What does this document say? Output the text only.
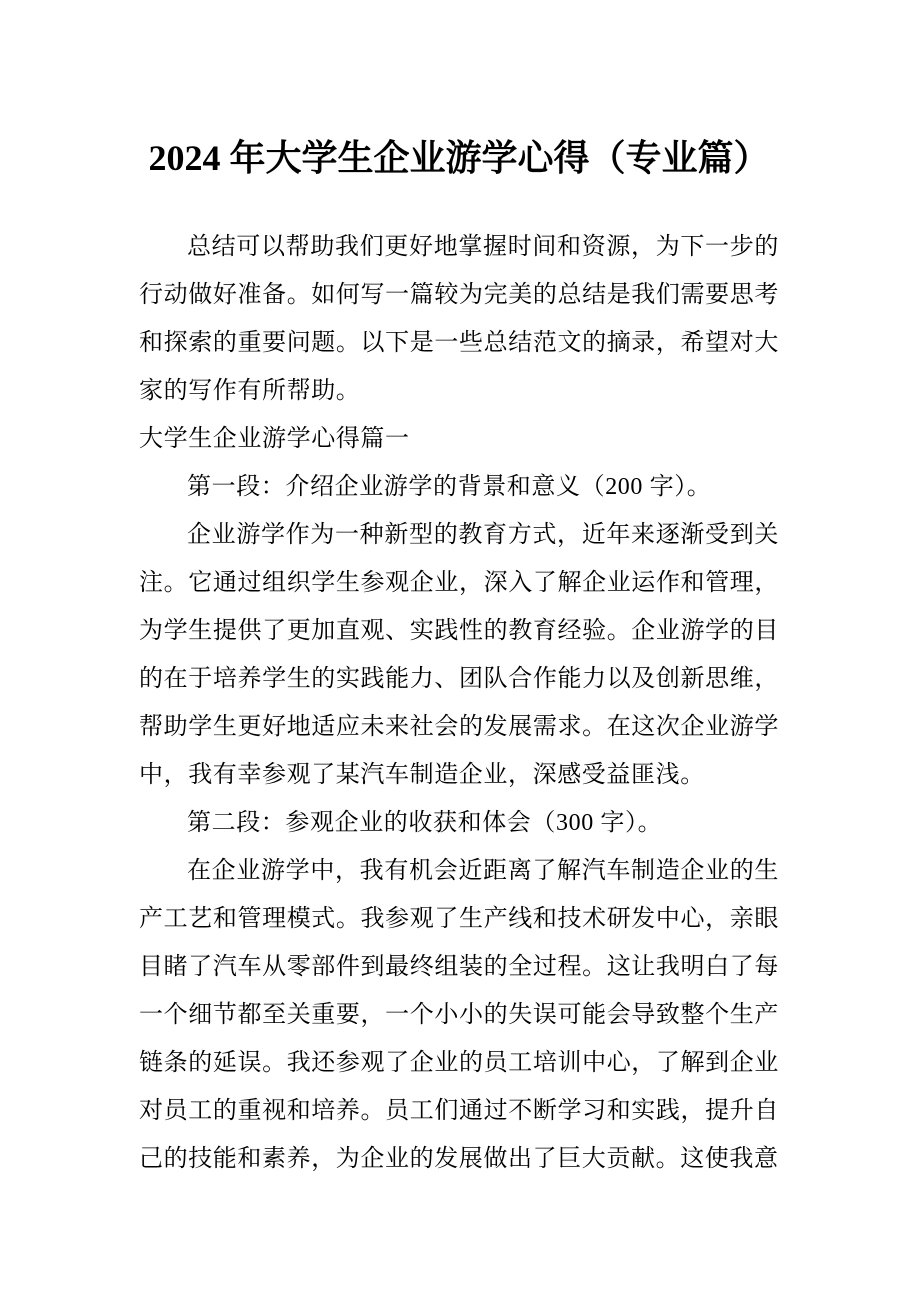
2024 年大学生企业游学心得（专业篇）

总结可以帮助我们更好地掌握时间和资源，为下一步的行动做好准备。如何写一篇较为完美的总结是我们需要思考和探索的重要问题。以下是一些总结范文的摘录，希望对大家的写作有所帮助。

大学生企业游学心得篇一

第一段：介绍企业游学的背景和意义（200 字）。

企业游学作为一种新型的教育方式，近年来逐渐受到关注。它通过组织学生参观企业，深入了解企业运作和管理，为学生提供了更加直观、实践性的教育经验。企业游学的目的在于培养学生的实践能力、团队合作能力以及创新思维，帮助学生更好地适应未来社会的发展需求。在这次企业游学中，我有幸参观了某汽车制造企业，深感受益匪浅。

第二段：参观企业的收获和体会（300 字）。

在企业游学中，我有机会近距离了解汽车制造企业的生产工艺和管理模式。我参观了生产线和技术研发中心，亲眼目睹了汽车从零部件到最终组装的全过程。这让我明白了每一个细节都至关重要，一个小小的失误可能会导致整个生产链条的延误。我还参观了企业的员工培训中心，了解到企业对员工的重视和培养。员工们通过不断学习和实践，提升自己的技能和素养，为企业的发展做出了巨大贡献。这使我意
